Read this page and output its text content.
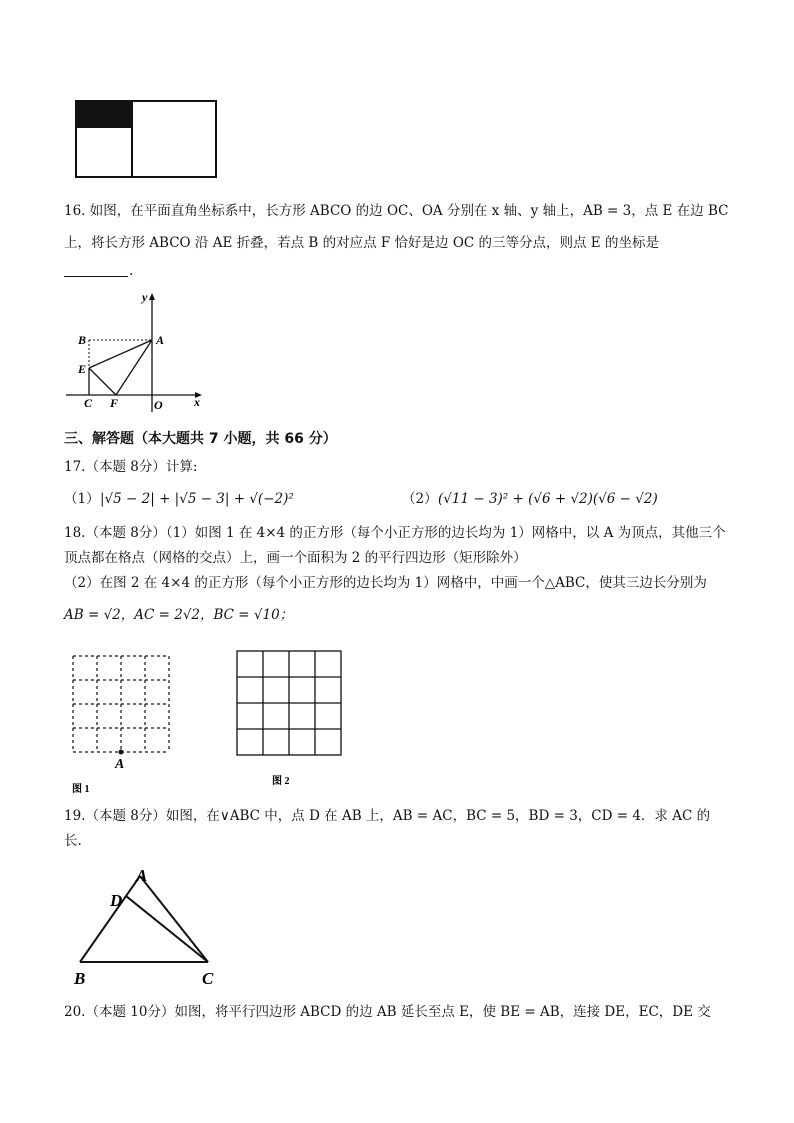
16. 如图，在平面直角坐标系中，长方形 ABCO 的边 OC、OA 分别在 x 轴、y 轴上，AB = 3，点 E 在边 BC
上，将长方形 ABCO 沿 AE 折叠，若点 B 的对应点 F 恰好是边 OC 的三等分点，则点 E 的坐标是
.
y
x
B	A
E
C F	O
三、解答题（本大题共 7 小题，共 66 分）
17.（本题 8分）计算:
（1） |√5 − 2| + |√5 − 3| + √(−2)²	（2） (√11 − 3)² + (√6 + √2)(√6 − √2)
18.（本题 8分）（1）如图 1 在 4×4 的正方形（每个小正方形的边长均为 1）网格中，以 A 为顶点，其他三个
顶点都在格点（网格的交点）上，画一个面积为 2 的平行四边形（矩形除外）
（2）在图 2 在 4×4 的正方形（每个小正方形的边长均为 1）网格中，中画一个△ABC，使其三边长分别为
AB = √2，AC = 2√2，BC = √10；
A
图 1
图 2
19.（本题 8分）如图，在∨ABC 中，点 D 在 AB 上，AB = AC，BC = 5，BD = 3，CD = 4．求 AC 的
长.
A
D
B	C
20.（本题 10分）如图，将平行四边形 ABCD 的边 AB 延长至点 E，使 BE = AB，连接 DE，EC，DE 交
